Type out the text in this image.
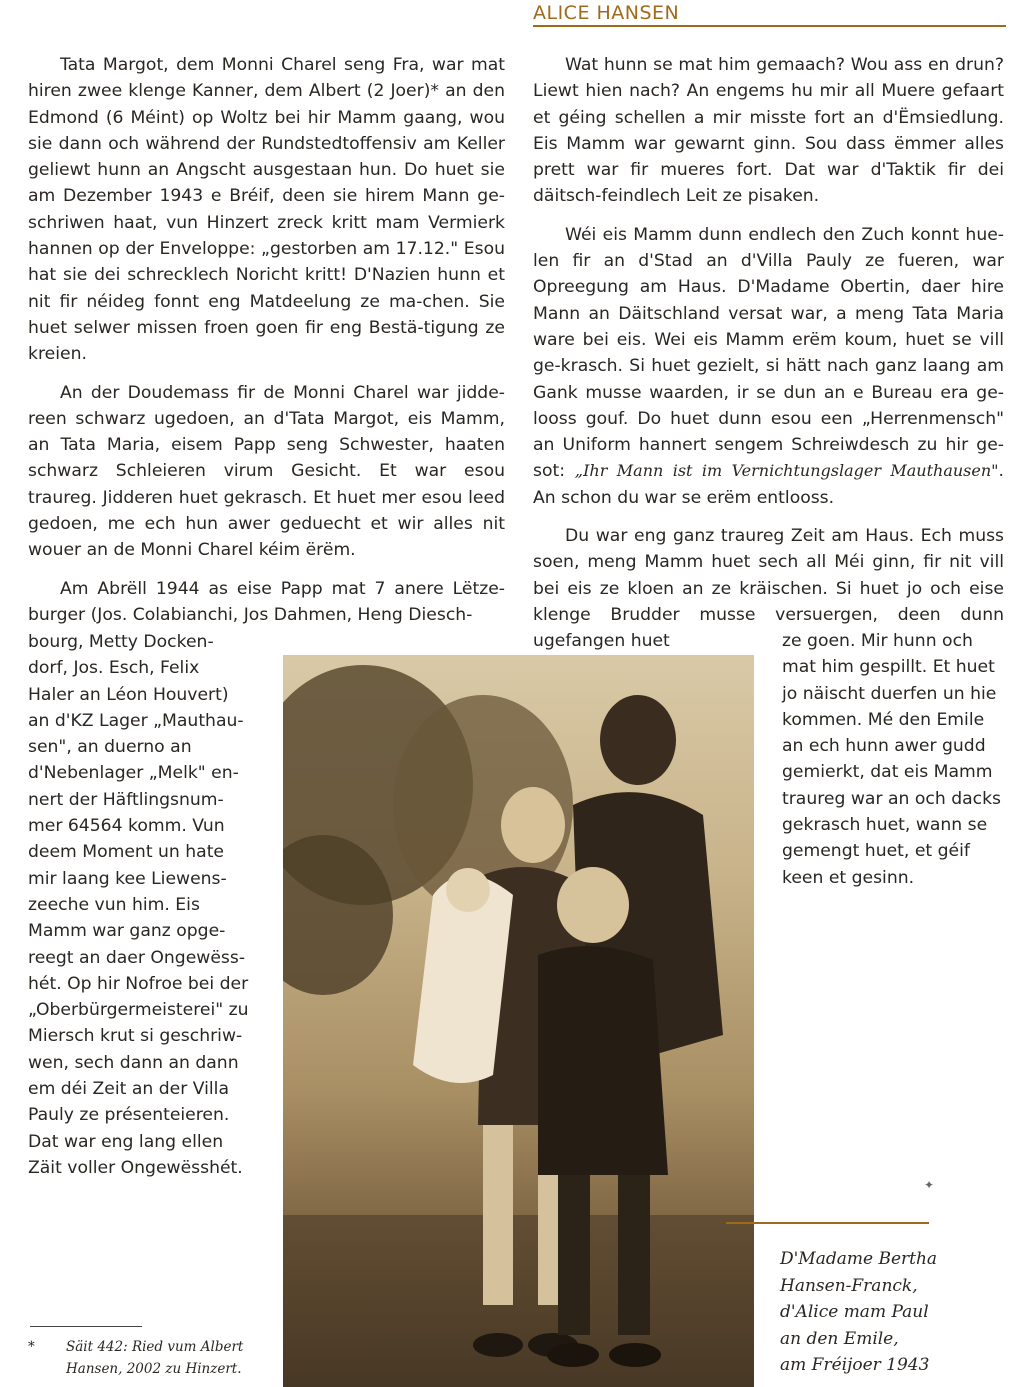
ALICE HANSEN

Tata Margot, dem Monni Charel seng Fra, war mat hiren zwee klenge Kanner, dem Albert (2 Joer)* an den Edmond (6 Méint) op Woltz bei hir Mamm gaang, wou sie dann och während der Rundstedtoffensiv am Keller geliewt hunn an Angscht ausgestaan hun. Do huet sie am Dezember 1943 e Bréif, deen sie hirem Mann ge-schriwen haat, vun Hinzert zreck kritt mam Vermierk hannen op der Enveloppe: „gestorben am 17.12." Esou hat sie dei schrecklech Noricht kritt! D'Nazien hunn et nit fir néideg fonnt eng Matdeelung ze ma-chen. Sie huet selwer missen froen goen fir eng Bestä-tigung ze kreien.

An der Doudemass fir de Monni Charel war jidde-reen schwarz ugedoen, an d'Tata Margot, eis Mamm, an Tata Maria, eisem Papp seng Schwester, haaten schwarz Schleieren virum Gesicht. Et war esou traureg. Jidderen huet gekrasch. Et huet mer esou leed gedoen, me ech hun awer geduecht et wir alles nit wouer an de Monni Charel kéim ërëm.

Am Abrëll 1944 as eise Papp mat 7 anere Lëtze-burger (Jos. Colabianchi, Jos Dahmen, Heng Diesch-

bourg, Metty Docken-
dorf, Jos. Esch, Felix
Haler an Léon Houvert)
an d'KZ Lager „Mauthau-
sen", an duerno an
d'Nebenlager „Melk" en-
nert der Häftlingsnum-
mer 64564 komm. Vun
deem Moment un hate
mir laang kee Liewens-
zeeche vun him. Eis
Mamm war ganz opge-
reegt an daer Ongewëss-
hét. Op hir Nofroe bei der
„Oberbürgermeisterei" zu
Miersch krut si geschriw-
wen, sech dann an dann
em déi Zeit an der Villa
Pauly ze présenteieren.
Dat war eng lang ellen
Zäit voller Ongewësshét.

Wat hunn se mat him gemaach? Wou ass en drun? Liewt hien nach? An engems hu mir all Muere gefaart et géing schellen a mir misste fort an d'Ëmsiedlung. Eis Mamm war gewarnt ginn. Sou dass ëmmer alles prett war fir mueres fort. Dat war d'Taktik fir dei däitsch-feindlech Leit ze pisaken.

Wéi eis Mamm dunn endlech den Zuch konnt hue-len fir an d'Stad an d'Villa Pauly ze fueren, war Opreegung am Haus. D'Madame Obertin, daer hire Mann an Däitschland versat war, a meng Tata Maria ware bei eis. Wei eis Mamm erëm koum, huet se vill ge-krasch. Si huet gezielt, si hätt nach ganz laang am Gank musse waarden, ir se dun an e Bureau era ge-looss gouf. Do huet dunn esou een „Herrenmensch" an Uniform hannert sengem Schreiwdesch zu hir ge-sot: „Ihr Mann ist im Vernichtungslager Mauthausen". An schon du war se erëm entlooss.

Du war eng ganz traureg Zeit am Haus. Ech muss soen, meng Mamm huet sech all Méi ginn, fir nit vill bei eis ze kloen an ze kräischen. Si huet jo och eise klenge Brudder musse versuergen, deen dunn ugefangen huet	ze goen. Mir hunn och
mat him gespillt. Et huet
jo näischt duerfen un hie
kommen. Mé den Emile
an ech hunn awer gudd
gemierkt, dat eis Mamm
traureg war an och dacks
gekrasch huet, wann se
gemengt huet, et géif
keen et gesinn.
D'Madame Bertha
Hansen-Franck,
d'Alice mam Paul
an den Emile,
am Fréijoer 1943
✦
*	Säit 442: Ried vum Albert
Hansen, 2002 zu Hinzert.
